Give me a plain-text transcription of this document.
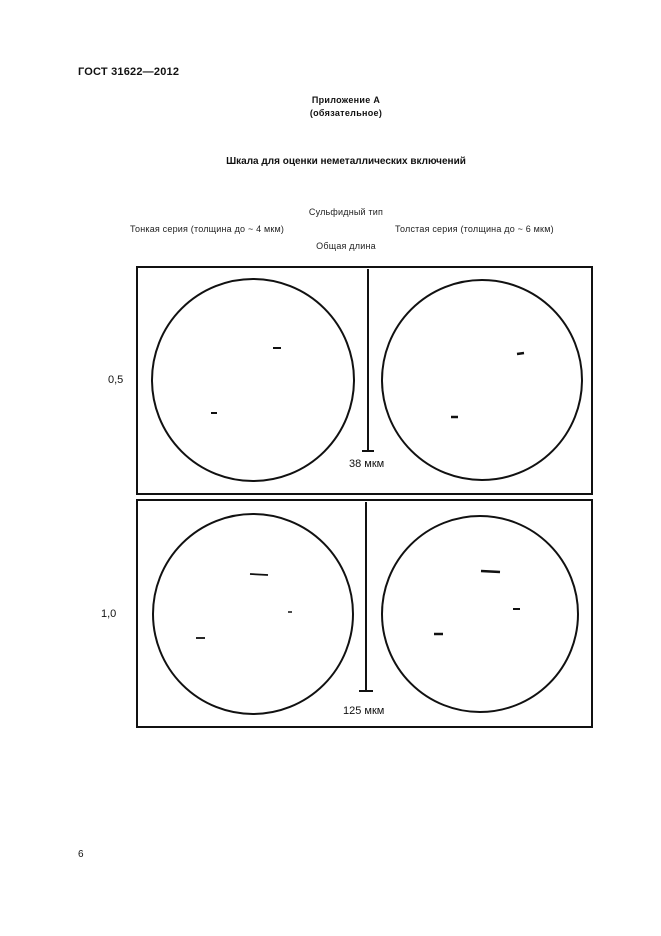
ГОСТ 31622—2012
Приложение А
(обязательное)
Шкала для оценки неметаллических включений
Сульфидный тип
Тонкая серия (толщина до ~ 4 мкм)	Толстая серия (толщина до ~ 6 мкм)
Общая длина
0,5
38 мкм
1,0
125 мкм
6
